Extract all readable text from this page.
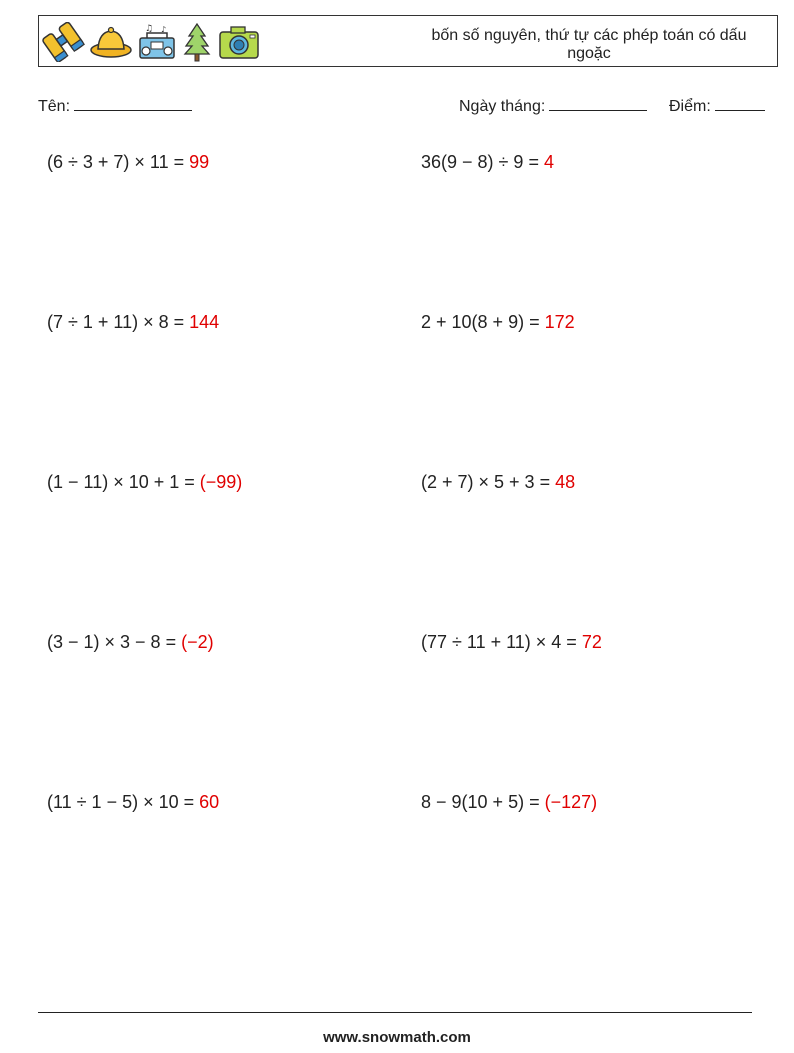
♫ ♪	bốn số nguyên, thứ tự các phép toán có dấu ngoặc
Tên:	Ngày tháng:	Điểm:
(6 ÷ 3 + 7) × 11 = 99	36(9 − 8) ÷ 9 = 4
(7 ÷ 1 + 11) × 8 = 144	2 + 10(8 + 9) = 172
(1 − 11) × 10 + 1 = (−99)	(2 + 7) × 5 + 3 = 48
(3 − 1) × 3 − 8 = (−2)	(77 ÷ 11 + 11) × 4 = 72
(11 ÷ 1 − 5) × 10 = 60	8 − 9(10 + 5) = (−127)
www.snowmath.com
